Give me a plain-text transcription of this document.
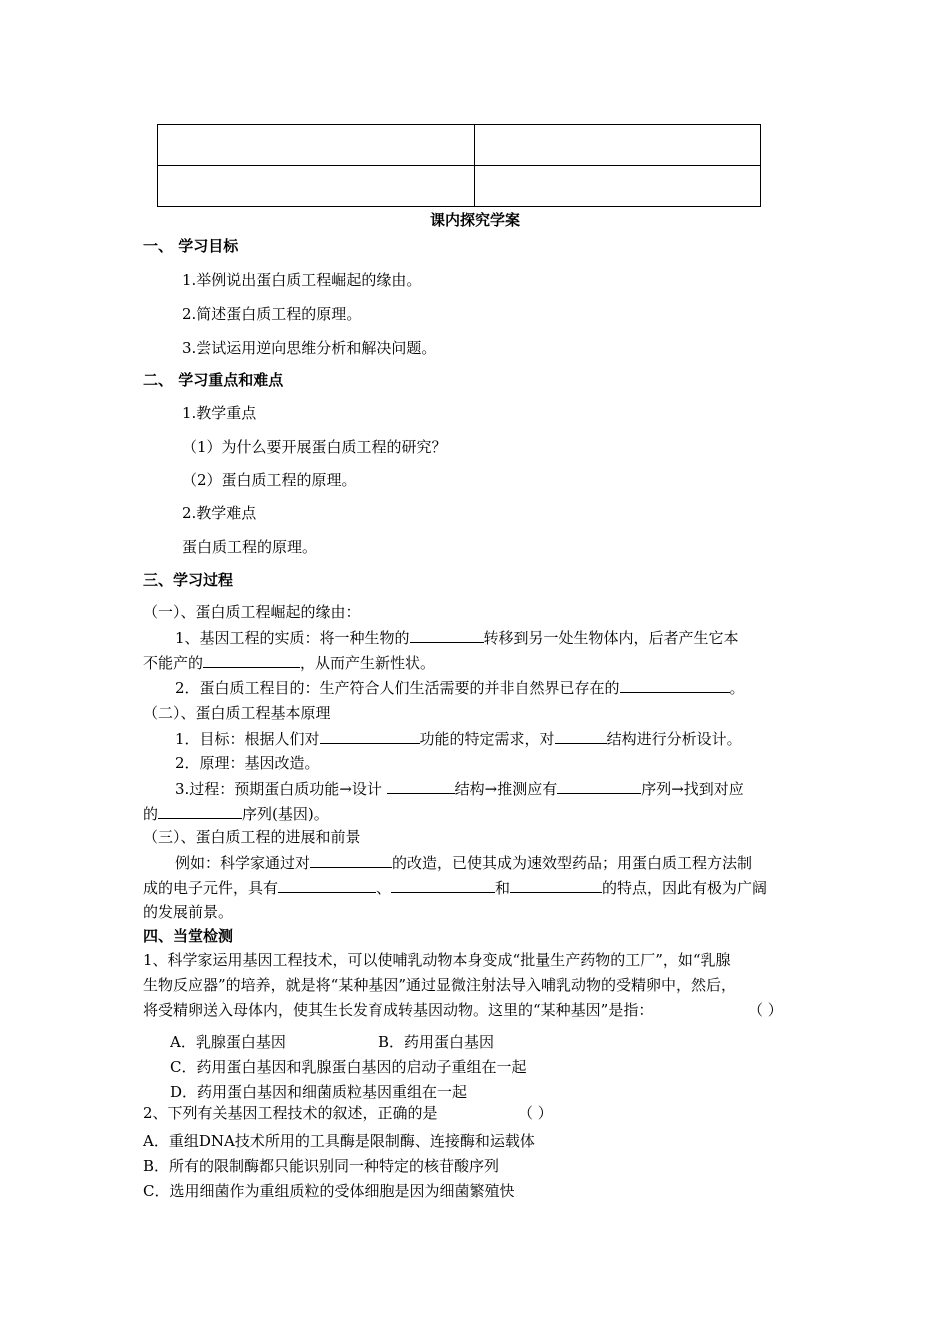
课内探究学案
一、 学习目标
1.举例说出蛋白质工程崛起的缘由。
2.简述蛋白质工程的原理。
3.尝试运用逆向思维分析和解决问题。
二、 学习重点和难点
1.教学重点
（1）为什么要开展蛋白质工程的研究？
（2）蛋白质工程的原理。
2.教学难点
蛋白质工程的原理。
三、学习过程
（一）、蛋白质工程崛起的缘由：
1、基因工程的实质：将一种生物的	转移到另一处生物体内，后者产生它本
不能产的	，从而产生新性状。
2．蛋白质工程目的：生产符合人们生活需要的并非自然界已存在的	。
（二）、蛋白质工程基本原理
1．目标：根据人们对	功能的特定需求，对	结构进行分析设计。
2．原理：基因改造。
3.过程：预期蛋白质功能→设计	结构→推测应有	序列→找到对应
的	序列(基因)。
（三）、蛋白质工程的进展和前景
例如：科学家通过对	的改造，已使其成为速效型药品；用蛋白质工程方法制
成的电子元件，具有	、	和	的特点，因此有极为广阔
的发展前景。
四、当堂检测
1、科学家运用基因工程技术，可以使哺乳动物本身变成“批量生产药物的工厂”，如“乳腺
生物反应器”的培养，就是将“某种基因”通过显微注射法导入哺乳动物的受精卵中，然后，
将受精卵送入母体内，使其生长发育成转基因动物。这里的“某种基因”是指：	（ ）
A．乳腺蛋白基因	B．药用蛋白基因
C．药用蛋白基因和乳腺蛋白基因的启动子重组在一起
D．药用蛋白基因和细菌质粒基因重组在一起
2、下列有关基因工程技术的叙述，正确的是	（ ）
A．重组DNA技术所用的工具酶是限制酶、连接酶和运载体
B．所有的限制酶都只能识别同一种特定的核苷酸序列
C．选用细菌作为重组质粒的受体细胞是因为细菌繁殖快
